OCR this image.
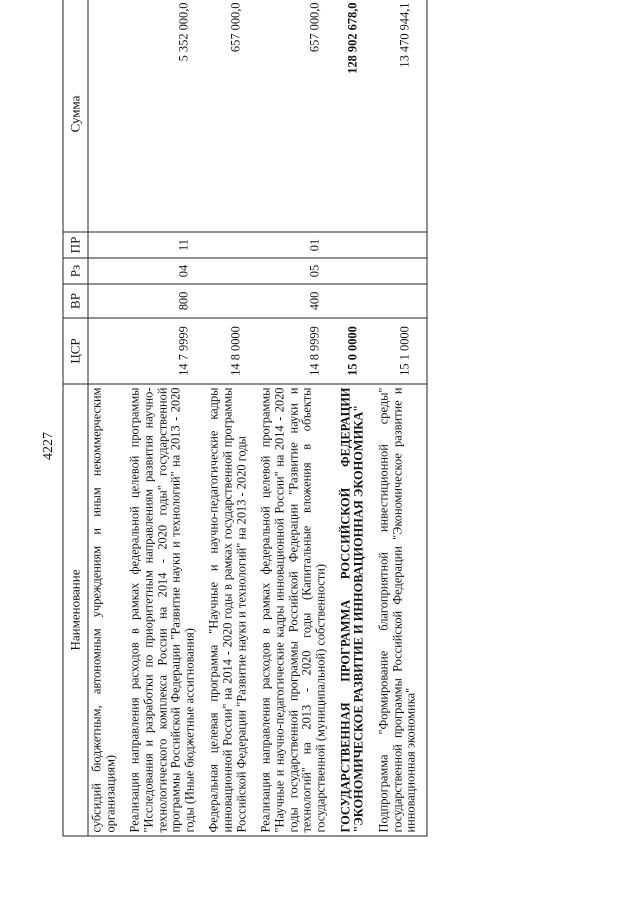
4227
Наименование	ЦСР	ВР	Рз	ПР	Сумма
субсидий бюджетным, автономным учреждениям и иным некоммерческим организациям)					
Реализация направления расходов в рамках федеральной целевой программы "Исследования и разработки по приоритетным направлениям развития научно-технологического комплекса России на 2014 - 2020 годы" государственной программы Российской Федерации "Развитие науки и технологий" на 2013 - 2020 годы (Иные бюджетные ассигнования)	14 7 9999	800	04	11	5 352 000,0
Федеральная целевая программа "Научные и научно-педагогические кадры инновационной России" на 2014 - 2020 годы в рамках государственной программы Российской Федерации "Развитие науки и технологий" на 2013 - 2020 годы	14 8 0000				657 000,0
Реализация направления расходов в рамках федеральной целевой программы "Научные и научно-педагогические кадры инновационной России" на 2014 - 2020 годы государственной программы Российской Федерации "Развитие науки и технологий" на 2013 - 2020 годы (Капитальные вложения в объекты государственной (муниципальной) собственности)	14 8 9999	400	05	01	657 000,0
ГОСУДАРСТВЕННАЯ ПРОГРАММА РОССИЙСКОЙ ФЕДЕРАЦИИ "ЭКОНОМИЧЕСКОЕ РАЗВИТИЕ И ИННОВАЦИОННАЯ ЭКОНОМИКА"	15 0 0000				128 902 678,0
Подпрограмма "Формирование благоприятной инвестиционной среды" государственной программы Российской Федерации "Экономическое развитие и инновационная экономика"	15 1 0000				13 470 944,1
